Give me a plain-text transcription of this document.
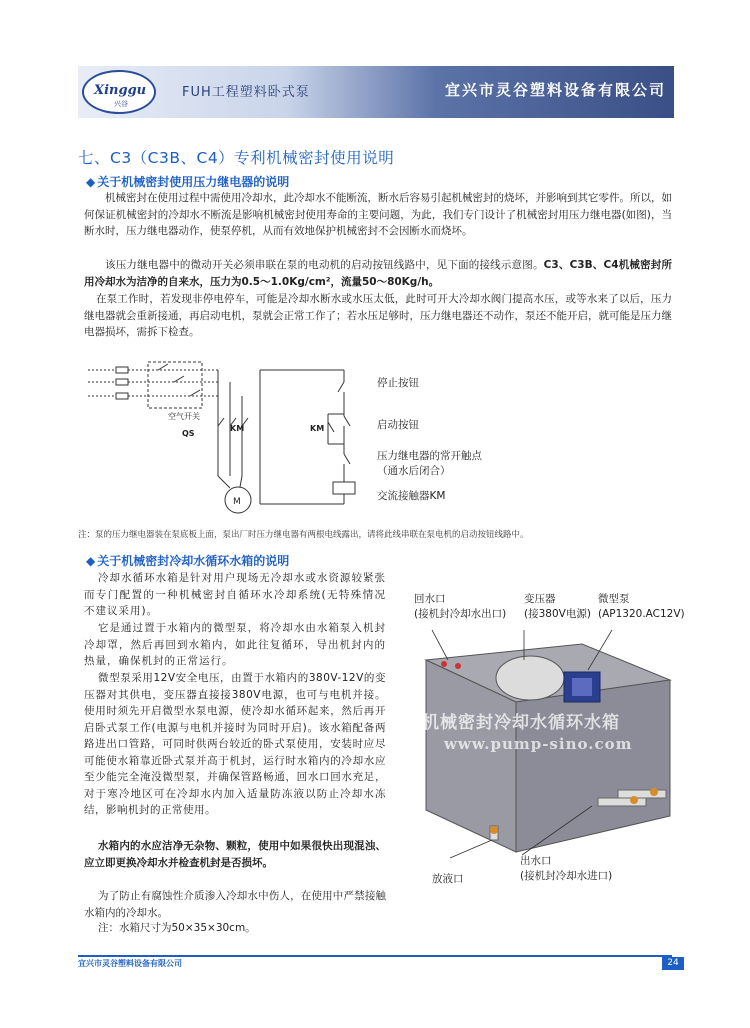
Xinggu
兴谷
FUH工程塑料卧式泵	宜兴市灵谷塑料设备有限公司
七、C3（C3B、C4）专利机械密封使用说明
◆ 关于机械密封使用压力继电器的说明
机械密封在使用过程中需使用冷却水，此冷却水不能断流，断水后容易引起机械密封的烧坏，并影响到其它零件。所以，如何保证机械密封的冷却水不断流是影响机械密封使用寿命的主要问题，为此，我们专门设计了机械密封用压力继电器(如图)，当断水时，压力继电器动作，使泵停机，从而有效地保护机械密封不会因断水而烧坏。
该压力继电器中的微动开关必须串联在泵的电动机的启动按钮线路中，见下面的接线示意图。C3、C3B、C4机械密封所用冷却水为洁净的自来水，压力为0.5～1.0Kg/cm²，流量50～80Kg/h。
在泵工作时，若发现非停电停车，可能是冷却水断水或水压太低，此时可开大冷却水阀门提高水压，或等水来了以后，压力继电器就会重新接通，再启动电机，泵就会正常工作了；若水压足够时，压力继电器还不动作，泵还不能开启，就可能是压力继电器损坏，需拆下检查。
M
空气开关
QS
KM	KM
停止按钮
启动按钮
压力继电器的常开触点
（通水后闭合）
交流接触器KM
注：泵的压力继电器装在泵底板上面，泵出厂时压力继电器有两根电线露出，请将此线串联在泵电机的启动按钮线路中。
◆ 关于机械密封冷却水循环水箱的说明
冷却水循环水箱是针对用户现场无冷却水或水资源较紧张而专门配置的一种机械密封自循环水冷却系统(无特殊情况不建议采用)。
它是通过置于水箱内的微型泵，将冷却水由水箱泵入机封冷却罩，然后再回到水箱内，如此往复循环，导出机封内的热量，确保机封的正常运行。
微型泵采用12V安全电压，由置于水箱内的380V-12V的变压器对其供电，变压器直接接380V电源，也可与电机并接。使用时须先开启微型水泵电源，使冷却水循环起来，然后再开启卧式泵工作(电源与电机并接时为同时开启)。该水箱配备两路进出口管路，可同时供两台较近的卧式泵使用，安装时应尽可能使水箱靠近卧式泵并高于机封，运行时水箱内的冷却水应至少能完全淹没微型泵，并确保管路畅通，回水口回水充足，对于寒冷地区可在冷却水内加入适量防冻液以防止冷却水冻结，影响机封的正常使用。
水箱内的水应洁净无杂物、颗粒，使用中如果很快出现混浊、应立即更换冷却水并检查机封是否损坏。
为了防止有腐蚀性介质渗入冷却水中伤人，在使用中严禁接触水箱内的冷却水。
注：水箱尺寸为50×35×30cm。
回水口
(接机封冷却水出口)
变压器
(接380V电源)
微型泵
(AP1320.AC12V)
出水口
(接机封冷却水进口)
放液口
机械密封冷却水循环水箱
www.pump-sino.com
宜兴市灵谷塑料设备有限公司	24
